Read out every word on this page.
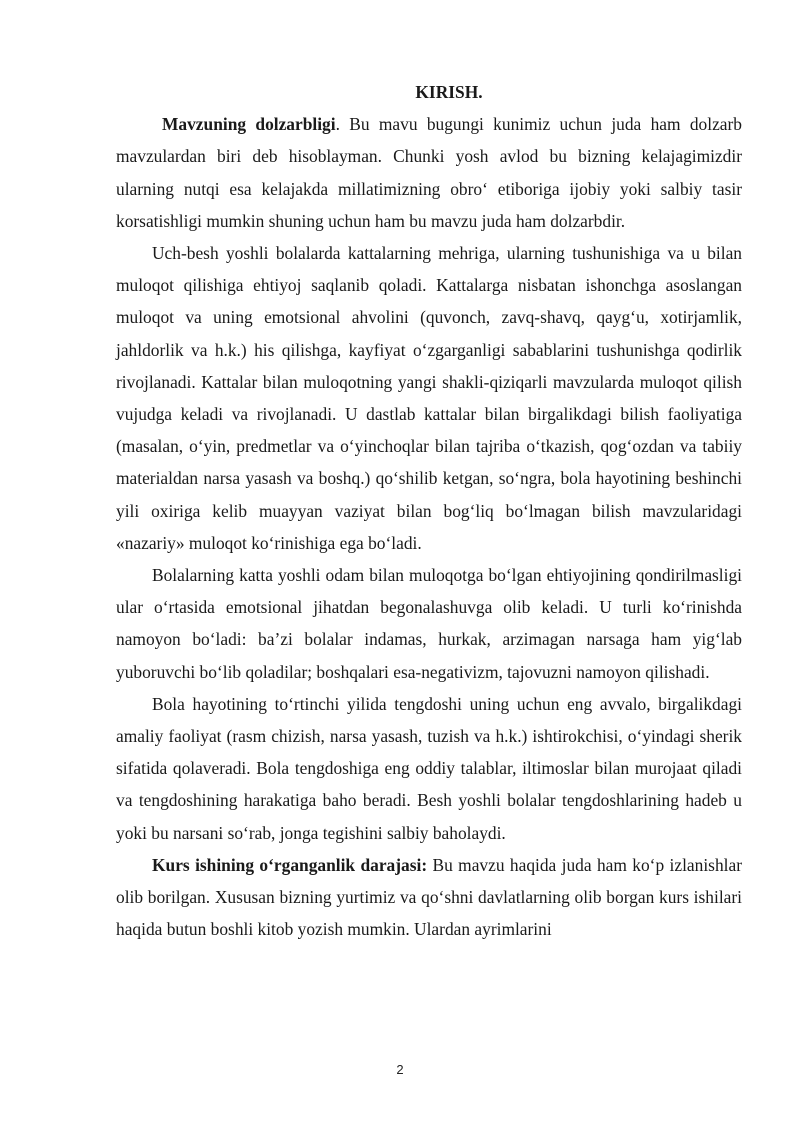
KIRISH.

Mavzuning dolzarbligi. Bu mavu bugungi kunimiz uchun juda ham dolzarb mavzulardan biri deb hisoblayman. Chunki yosh avlod bu bizning kelajagimizdir ularning nutqi esa kelajakda millatimizning obro‘ etiboriga ijobiy yoki salbiy tasir korsatishligi mumkin shuning uchun ham bu mavzu juda ham dolzarbdir.

Uch-besh yoshli bolalarda kattalarning mehriga, ularning tushunishiga va u bilan muloqot qilishiga ehtiyoj saqlanib qoladi. Kattalarga nisbatan ishonchga asoslangan muloqot va uning emotsional ahvolini (quvonch, zavq-shavq, qayg‘u, xotirjamlik, jahldorlik va h.k.) his qilishga, kayfiyat o‘zgarganligi sabablarini tushunishga qodirlik rivojlanadi. Kattalar bilan muloqotning yangi shakli-qiziqarli mavzularda muloqot qilish vujudga keladi va rivojlanadi. U dastlab kattalar bilan birgalikdagi bilish faoliyatiga (masalan, o‘yin, predmetlar va o‘yinchoqlar bilan tajriba o‘tkazish, qog‘ozdan va tabiiy materialdan narsa yasash va boshq.) qo‘shilib ketgan, so‘ngra, bola hayotining beshinchi yili oxiriga kelib muayyan vaziyat bilan bog‘liq bo‘lmagan bilish mavzularidagi «nazariy» muloqot ko‘rinishiga ega bo‘ladi.

Bolalarning katta yoshli odam bilan muloqotga bo‘lgan ehtiyojining qondirilmasligi ular o‘rtasida emotsional jihatdan begonalashuvga olib keladi. U turli ko‘rinishda namoyon bo‘ladi: ba’zi bolalar indamas, hurkak, arzimagan narsaga ham yig‘lab yuboruvchi bo‘lib qoladilar; boshqalari esa-negativizm, tajovuzni namoyon qilishadi.

Bola hayotining to‘rtinchi yilida tengdoshi uning uchun eng avvalo, birgalikdagi amaliy faoliyat (rasm chizish, narsa yasash, tuzish va h.k.) ishtirokchisi, o‘yindagi sherik sifatida qolaveradi. Bola tengdoshiga eng oddiy talablar, iltimoslar bilan murojaat qiladi va tengdoshining harakatiga baho beradi. Besh yoshli bolalar tengdoshlarining hadeb u yoki bu narsani so‘rab, jonga tegishini salbiy baholaydi.

Kurs ishining o‘rganganlik darajasi: Bu mavzu haqida juda ham ko‘p izlanishlar olib borilgan. Xususan bizning yurtimiz va qo‘shni davlatlarning olib borgan kurs ishilari haqida butun boshli kitob yozish mumkin. Ulardan ayrimlarini

2
